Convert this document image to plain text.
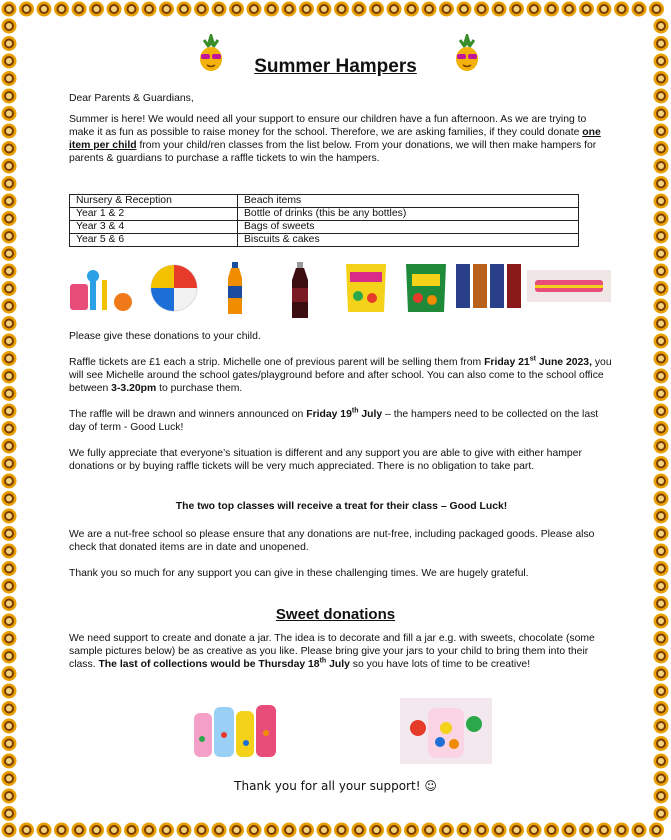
Summer Hampers
Dear Parents & Guardians,
Summer is here! We would need all your support to ensure our children have a fun afternoon. As we are trying to make it as fun as possible to raise money for the school. Therefore, we are asking families, if they could donate one item per child from your child/ren classes from the list below. From your donations, we will then make hampers for parents & guardians to purchase a raffle tickets to win the hampers.
Nursery & Reception	Beach items
Year 1 & 2	Bottle of drinks (this be any bottles)
Year 3 & 4	Bags of sweets
Year 5 & 6	Biscuits & cakes
Please give these donations to your child.
Raffle tickets are £1 each a strip. Michelle one of previous parent will be selling them from Friday 21st June 2023, you will see Michelle around the school gates/playground before and after school. You can also come to the school office between 3-3.20pm to purchase them.
The raffle will be drawn and winners announced on Friday 19th July – the hampers need to be collected on the last day of term - Good Luck!
We fully appreciate that everyone’s situation is different and any support you are able to give with either hamper donations or by buying raffle tickets will be very much appreciated. There is no obligation to take part.
The two top classes will receive a treat for their class – Good Luck!
We are a nut-free school so please ensure that any donations are nut-free, including packaged goods. Please also check that donated items are in date and unopened.
Thank you so much for any support you can give in these challenging times. We are hugely grateful.
Sweet donations
We need support to create and donate a jar. The idea is to decorate and fill a jar e.g. with sweets, chocolate (some sample pictures below) be as creative as you like. Please bring give your jars to your child to bring them into their class. The last of collections would be Thursday 18th July so you have lots of time to be creative!
Thank you for all your support! ☺
